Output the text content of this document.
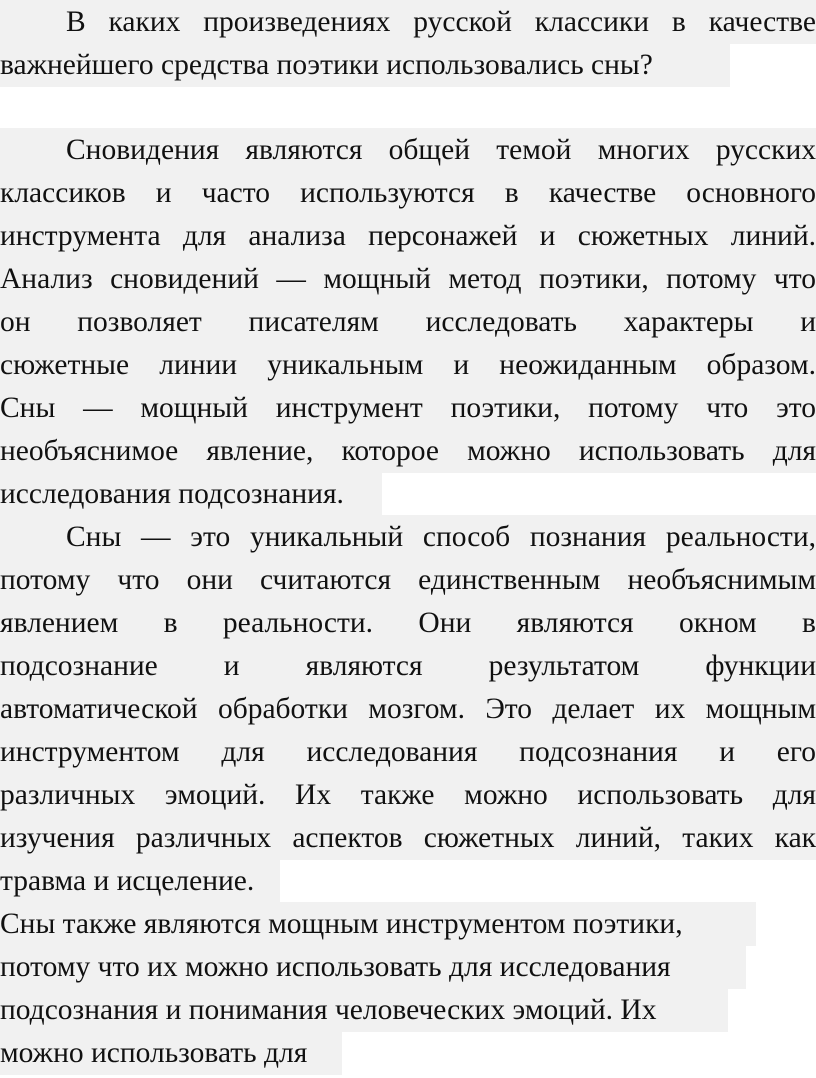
В каких произведениях русской классики в качестве
важнейшего средства поэтики использовались сны?
Сновидения являются общей темой многих русских
классиков и часто используются в качестве основного
инструмента для анализа персонажей и сюжетных линий.
Анализ сновидений — мощный метод поэтики, потому что
он позволяет писателям исследовать характеры и
сюжетные линии уникальным и неожиданным образом.
Сны — мощный инструмент поэтики, потому что это
необъяснимое явление, которое можно использовать для
исследования подсознания.
Сны — это уникальный способ познания реальности,
потому что они считаются единственным необъяснимым
явлением в реальности. Они являются окном в
подсознание и являются результатом функции
автоматической обработки мозгом. Это делает их мощным
инструментом для исследования подсознания и его
различных эмоций. Их также можно использовать для
изучения различных аспектов сюжетных линий, таких как
травма и исцеление.
Сны также являются мощным инструментом поэтики,
потому что их можно использовать для исследования
подсознания и понимания человеческих эмоций. Их
можно использовать для
